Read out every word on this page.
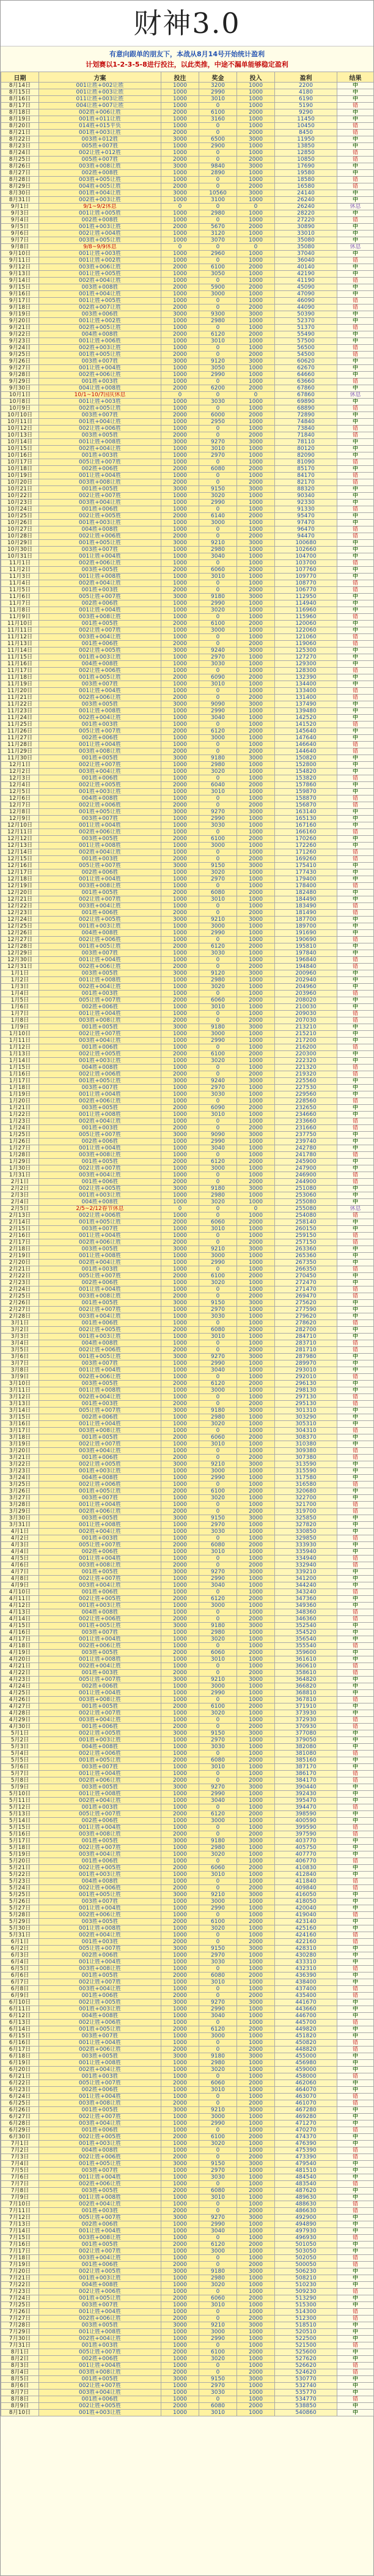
财神3.0
有意向跟单的朋友下，本战从8月14号开始统计盈利
计划赛以1-2-3-5-8进行投注，以此类推，中途不漏单能够稳定盈利
日期	方案	投注	奖金	投入	盈利	结果
8月14日	001让胜+002让胜	1000	3200	1000	2200	中
8月15日	001让胜+003让胜	1000	2990	1000	4180	中
8月16日	011让胜+003让胜	1000	3010	1000	6190	中
8月17日	004让胜+007让胜	1000	0	1000	5190	错
8月18日	002胜+006让胜	2000	6100	2000	9290	中
8月19日	001胜+011让胜	1000	3160	1000	11450	中
8月20日	014胜+015平负	1000	0	1000	10450	错
8月21日	001胜+003让胜	2000	0	2000	8450	错
8月22日	003胜+012胜	3000	6500	3000	11950	中
8月23日	005胜+007胜	1000	2900	1000	13850	中
8月24日	002让胜+012胜	1000	0	1000	12850	错
8月25日	005胜+007胜	2000	0	2000	10850	错
8月26日	003胜+008让胜	3000	9840	3000	17690	中
8月27日	002胜+008胜	1000	2890	1000	19580	中
8月28日	003胜+005让胜	1000	0	1000	18580	错
8月29日	004胜+005让胜	2000	0	2000	16580	错
8月30日	001胜+004让胜	3000	10560	3000	24140	中
8月31日	002胜+003让胜	1000	3100	1000	26240	中
9月1日	9/1~9/2休息	0	0	0	26240	休息
9月3日	001让胜+005胜	1000	2980	1000	28220	中
9月4日	002胜+008胜	1000	0	1000	27220	错
9月5日	001胜+003让胜	2000	5670	2000	30890	中
9月6日	002让胜+004胜	1000	3120	1000	33010	中
9月7日	003胜+005让胜	1000	3070	1000	35080	中
9月8日	9/8~9/9休息	0	0	0	35080	休息
9月10日	001让胜+003胜	1000	2960	1000	37040	中
9月11日	001让胜+002胜	1000	0	1000	36040	错
9月12日	003胜+006让胜	2000	6100	2000	40140	中
9月13日	001让胜+005胜	1000	3050	1000	42190	中
9月14日	002胜+004让胜	1000	0	1000	41190	错
9月15日	003胜+008胜	2000	5900	2000	45090	中
9月16日	001胜+004让胜	1000	3000	1000	47090	中
9月17日	001让胜+005胜	1000	0	1000	46090	错
9月18日	002胜+007让胜	2000	0	2000	44090	错
9月19日	003胜+006胜	3000	9300	3000	50390	中
9月20日	001让胜+002胜	1000	2980	1000	52370	中
9月21日	002胜+005让胜	1000	0	1000	51370	错
9月22日	004胜+008胜	2000	6120	2000	55490	中
9月23日	001让胜+006胜	1000	3010	1000	57500	中
9月24日	002胜+003让胜	1000	0	1000	56500	错
9月25日	001胜+005让胜	2000	0	2000	54500	错
9月26日	003胜+007胜	3000	9120	3000	60620	中
9月27日	001让胜+004胜	1000	3050	1000	62670	中
9月28日	002胜+006让胜	1000	2990	1000	64660	中
9月29日	001胜+003胜	1000	0	1000	63660	错
9月30日	004让胜+008胜	2000	6200	2000	67860	中
10月1日	10/1~10/7国庆休息	0	0	0	67860	休息
10月8日	001让胜+003胜	1000	3030	1000	69890	中
10月9日	002胜+005让胜	1000	0	1000	68890	错
10月10日	003胜+007胜	2000	6000	2000	72890	中
10月11日	001胜+004让胜	1000	2950	1000	74840	中
10月12日	002让胜+006胜	1000	0	1000	73840	错
10月13日	003胜+005胜	2000	0	2000	71840	错
10月14日	001让胜+008胜	3000	9270	3000	78110	中
10月15日	002胜+004让胜	1000	3010	1000	80120	中
10月16日	001胜+003胜	1000	2970	1000	82090	中
10月17日	005让胜+007胜	1000	0	1000	81090	错
10月18日	002胜+006胜	2000	6080	2000	85170	中
10月19日	001让胜+004胜	1000	0	1000	84170	错
10月20日	003胜+008让胜	2000	0	2000	82170	错
10月21日	001胜+005胜	3000	9150	3000	88320	中
10月22日	002让胜+007胜	1000	3020	1000	90340	中
10月23日	003胜+004让胜	1000	2990	1000	92330	中
10月24日	001胜+006胜	1000	0	1000	91330	错
10月25日	002让胜+005胜	2000	6140	2000	95470	中
10月26日	001胜+003让胜	1000	3000	1000	97470	中
10月27日	004胜+008胜	1000	0	1000	96470	错
10月28日	002让胜+006胜	2000	0	2000	94470	错
10月29日	001胜+005让胜	3000	9210	3000	100680	中
10月30日	003胜+007胜	1000	2980	1000	102660	中
10月31日	001让胜+004胜	1000	3040	1000	104700	中
11月1日	002胜+006让胜	1000	0	1000	103700	错
11月2日	003胜+005胜	2000	6060	2000	107760	中
11月3日	001让胜+008胜	1000	3010	1000	109770	中
11月4日	002胜+004让胜	1000	0	1000	108770	错
11月5日	001胜+003胜	2000	0	2000	106770	错
11月6日	005让胜+007胜	3000	9180	3000	112950	中
11月7日	002胜+006胜	1000	2990	1000	114940	中
11月8日	001让胜+004胜	1000	3020	1000	116960	中
11月9日	003胜+008让胜	1000	0	1000	115960	错
11月10日	001胜+005胜	2000	6100	2000	120060	中
11月11日	002让胜+007胜	1000	3000	1000	122060	中
11月12日	003胜+004让胜	1000	0	1000	121060	错
11月13日	001胜+006胜	2000	0	2000	119060	错
11月14日	002让胜+005胜	3000	9240	3000	125300	中
11月15日	001胜+003让胜	1000	2970	1000	127270	中
11月16日	004胜+008胜	1000	3030	1000	129300	中
11月17日	002让胜+006胜	1000	0	1000	128300	错
11月18日	001胜+005让胜	2000	6090	2000	132390	中
11月19日	003胜+007胜	1000	3010	1000	134400	中
11月20日	001让胜+004胜	1000	0	1000	133400	错
11月21日	002胜+006让胜	2000	0	2000	131400	错
11月22日	003胜+005胜	3000	9090	3000	137490	中
11月23日	001让胜+008胜	1000	2990	1000	139480	中
11月24日	002胜+004让胜	1000	3040	1000	142520	中
11月25日	001胜+003胜	1000	0	1000	141520	错
11月26日	005让胜+007胜	2000	6120	2000	145640	中
11月27日	002胜+006胜	1000	3000	1000	147640	中
11月28日	001让胜+004胜	1000	0	1000	146640	错
11月29日	003胜+008让胜	2000	0	2000	144640	错
11月30日	001胜+005胜	3000	9180	3000	150820	中
12月1日	002让胜+007胜	1000	2980	1000	152800	中
12月2日	003胜+004让胜	1000	3020	1000	154820	中
12月3日	001胜+006胜	1000	0	1000	153820	错
12月4日	002让胜+005胜	2000	6040	2000	157860	中
12月5日	001胜+003让胜	1000	3010	1000	159870	中
12月6日	004胜+008胜	1000	0	1000	158870	错
12月7日	002让胜+006胜	2000	0	2000	156870	错
12月8日	001胜+005让胜	3000	9270	3000	163140	中
12月9日	003胜+007胜	1000	2990	1000	165130	中
12月10日	001让胜+004胜	1000	3030	1000	167160	中
12月11日	002胜+006让胜	1000	0	1000	166160	错
12月12日	003胜+005胜	2000	6100	2000	170260	中
12月13日	001让胜+008胜	1000	3000	1000	172260	中
12月14日	002胜+004让胜	1000	0	1000	171260	错
12月15日	001胜+003胜	2000	0	2000	169260	错
12月16日	005让胜+007胜	3000	9150	3000	175410	中
12月17日	002胜+006胜	1000	3020	1000	177430	中
12月18日	001让胜+004胜	1000	2970	1000	179400	中
12月19日	003胜+008让胜	1000	0	1000	178400	错
12月20日	001胜+005胜	2000	6080	2000	182480	中
12月21日	002让胜+007胜	1000	3010	1000	184490	中
12月22日	003胜+004让胜	1000	0	1000	183490	错
12月23日	001胜+006胜	2000	0	2000	181490	错
12月24日	002让胜+005胜	3000	9210	3000	187700	中
12月25日	001胜+003让胜	1000	3000	1000	189700	中
12月26日	004胜+008胜	1000	2990	1000	191690	中
12月27日	002让胜+006胜	1000	0	1000	190690	错
12月28日	001胜+005让胜	2000	6120	2000	195810	中
12月29日	003胜+007胜	1000	3030	1000	197840	中
12月30日	001让胜+004胜	1000	0	1000	196840	错
12月31日	002胜+006让胜	2000	0	2000	194840	错
1月1日	003胜+005胜	3000	9120	3000	200960	中
1月2日	001让胜+008胜	1000	2980	1000	202940	中
1月3日	002胜+004让胜	1000	3020	1000	204960	中
1月4日	001胜+003胜	1000	0	1000	203960	错
1月5日	005让胜+007胜	2000	6060	2000	208020	中
1月6日	002胜+006胜	1000	3010	1000	210030	中
1月7日	001让胜+004胜	1000	0	1000	209030	错
1月8日	003胜+008让胜	2000	0	2000	207030	错
1月9日	001胜+005胜	3000	9180	3000	213210	中
1月10日	002让胜+007胜	1000	3000	1000	215210	中
1月11日	003胜+004让胜	1000	2990	1000	217200	中
1月12日	001胜+006胜	1000	0	1000	216200	错
1月13日	002让胜+005胜	2000	6100	2000	220300	中
1月14日	001胜+003让胜	1000	3020	1000	222320	中
1月15日	004胜+008胜	1000	0	1000	221320	错
1月16日	002让胜+006胜	2000	0	2000	219320	错
1月17日	001胜+005让胜	3000	9240	3000	225560	中
1月18日	003胜+007胜	1000	2970	1000	227530	中
1月19日	001让胜+004胜	1000	3030	1000	229560	中
1月20日	002胜+006让胜	1000	0	1000	228560	错
1月21日	003胜+005胜	2000	6090	2000	232650	中
1月22日	001让胜+008胜	1000	3010	1000	234660	中
1月23日	002胜+004让胜	1000	0	1000	233660	错
1月24日	001胜+003胜	2000	0	2000	231660	错
1月25日	005让胜+007胜	3000	9090	3000	237750	中
1月26日	002胜+006胜	1000	2990	1000	239740	中
1月27日	001让胜+004胜	1000	3040	1000	242780	中
1月28日	003胜+008让胜	1000	0	1000	241780	错
1月29日	001胜+005胜	2000	6120	2000	245900	中
1月30日	002让胜+007胜	1000	3000	1000	247900	中
1月31日	003胜+004让胜	1000	0	1000	246900	错
2月1日	001胜+006胜	2000	0	2000	244900	错
2月2日	002让胜+005胜	3000	9180	3000	251080	中
2月3日	001胜+003让胜	1000	2980	1000	253060	中
2月4日	004胜+008胜	1000	3020	1000	255080	中
2月5日	2/5~2/12春节休息	0	0	0	255080	休息
2月13日	002让胜+006胜	1000	0	1000	254080	错
2月14日	001胜+005让胜	2000	6060	2000	258140	中
2月15日	003胜+007胜	1000	3010	1000	260150	中
2月16日	001让胜+004胜	1000	0	1000	259150	错
2月17日	002胜+006让胜	2000	0	2000	257150	错
2月18日	003胜+005胜	3000	9210	3000	263360	中
2月19日	001让胜+008胜	1000	3000	1000	265360	中
2月20日	002胜+004让胜	1000	2990	1000	267350	中
2月21日	001胜+003胜	1000	0	1000	266350	错
2月22日	005让胜+007胜	2000	6100	2000	270450	中
2月23日	002胜+006胜	1000	3020	1000	272470	中
2月24日	001让胜+004胜	1000	0	1000	271470	错
2月25日	003胜+008让胜	2000	0	2000	269470	错
2月26日	001胜+005胜	3000	9150	3000	275620	中
2月27日	002让胜+007胜	1000	2970	1000	277590	中
2月28日	003胜+004让胜	1000	3030	1000	279620	中
3月1日	001胜+006胜	1000	0	1000	278620	错
3月2日	002让胜+005胜	2000	6080	2000	282700	中
3月3日	001胜+003让胜	1000	3010	1000	284710	中
3月4日	004胜+008胜	1000	0	1000	283710	错
3月5日	002让胜+006胜	2000	0	2000	281710	错
3月6日	001胜+005让胜	3000	9270	3000	287980	中
3月7日	003胜+007胜	1000	2990	1000	289970	中
3月8日	001让胜+004胜	1000	3040	1000	293010	中
3月9日	002胜+006让胜	1000	0	1000	292010	错
3月10日	003胜+005胜	2000	6120	2000	296130	中
3月11日	001让胜+008胜	1000	3000	1000	298130	中
3月12日	002胜+004让胜	1000	0	1000	297130	错
3月13日	001胜+003胜	2000	0	2000	295130	错
3月14日	005让胜+007胜	3000	9180	3000	301310	中
3月15日	002胜+006胜	1000	2980	1000	303290	中
3月16日	001让胜+004胜	1000	3020	1000	305310	中
3月17日	003胜+008让胜	1000	0	1000	304310	错
3月18日	001胜+005胜	2000	6060	2000	308370	中
3月19日	002让胜+007胜	1000	3010	1000	310380	中
3月20日	003胜+004让胜	1000	0	1000	309380	错
3月21日	001胜+006胜	2000	0	2000	307380	错
3月22日	002让胜+005胜	3000	9210	3000	313590	中
3月23日	001胜+003让胜	1000	3000	1000	315590	中
3月24日	004胜+008胜	1000	2990	1000	317580	中
3月25日	002让胜+006胜	1000	0	1000	316580	错
3月26日	001胜+005让胜	2000	6100	2000	320680	中
3月27日	003胜+007胜	1000	3020	1000	322700	中
3月28日	001让胜+004胜	1000	0	1000	321700	错
3月29日	002胜+006让胜	2000	0	2000	319700	错
3月30日	003胜+005胜	3000	9150	3000	325850	中
3月31日	001让胜+008胜	1000	2970	1000	327820	中
4月1日	002胜+004让胜	1000	3030	1000	330850	中
4月2日	001胜+003胜	1000	0	1000	329850	错
4月3日	005让胜+007胜	2000	6080	2000	333930	中
4月4日	002胜+006胜	1000	3010	1000	335940	中
4月5日	001让胜+004胜	1000	0	1000	334940	错
4月6日	003胜+008让胜	2000	0	2000	332940	错
4月7日	001胜+005胜	3000	9270	3000	339210	中
4月8日	002让胜+007胜	1000	2990	1000	341200	中
4月9日	003胜+004让胜	1000	3040	1000	344240	中
4月10日	001胜+006胜	1000	0	1000	343240	错
4月11日	002让胜+005胜	2000	6120	2000	347360	中
4月12日	001胜+003让胜	1000	3000	1000	349360	中
4月13日	004胜+008胜	1000	0	1000	348360	错
4月14日	002让胜+006胜	2000	0	2000	346360	错
4月15日	001胜+005让胜	3000	9180	3000	352540	中
4月16日	003胜+007胜	1000	2980	1000	354520	中
4月17日	001让胜+004胜	1000	3020	1000	356540	中
4月18日	002胜+006让胜	1000	0	1000	355540	错
4月19日	003胜+005胜	2000	6060	2000	359600	中
4月20日	001让胜+008胜	1000	3010	1000	361610	中
4月21日	002胜+004让胜	1000	0	1000	360610	错
4月22日	001胜+003胜	2000	0	2000	358610	错
4月23日	005让胜+007胜	3000	9210	3000	364820	中
4月24日	002胜+006胜	1000	3000	1000	366820	中
4月25日	001让胜+004胜	1000	2990	1000	368810	中
4月26日	003胜+008让胜	1000	0	1000	367810	错
4月27日	001胜+005胜	2000	6100	2000	371910	中
4月28日	002让胜+007胜	1000	3020	1000	373930	中
4月29日	003胜+004让胜	1000	0	1000	372930	错
4月30日	001胜+006胜	2000	0	2000	370930	错
5月1日	002让胜+005胜	3000	9150	3000	377080	中
5月2日	001胜+003让胜	1000	2970	1000	379050	中
5月3日	004胜+008胜	1000	3030	1000	382080	中
5月4日	002让胜+006胜	1000	0	1000	381080	错
5月5日	001胜+005让胜	2000	6080	2000	385160	中
5月6日	003胜+007胜	1000	3010	1000	387170	中
5月7日	001让胜+004胜	1000	0	1000	386170	错
5月8日	002胜+006让胜	2000	0	2000	384170	错
5月9日	003胜+005胜	3000	9270	3000	390440	中
5月10日	001让胜+008胜	1000	2990	1000	392430	中
5月11日	002胜+004让胜	1000	3040	1000	395470	中
5月12日	001胜+003胜	1000	0	1000	394470	错
5月13日	005让胜+007胜	2000	6120	2000	398590	中
5月14日	002胜+006胜	1000	3000	1000	400590	中
5月15日	001让胜+004胜	1000	0	1000	399590	错
5月16日	003胜+008让胜	2000	0	2000	397590	错
5月17日	001胜+005胜	3000	9180	3000	403770	中
5月18日	002让胜+007胜	1000	2980	1000	405750	中
5月19日	003胜+004让胜	1000	3020	1000	407770	中
5月20日	001胜+006胜	1000	0	1000	406770	错
5月21日	002让胜+005胜	2000	6060	2000	410830	中
5月22日	001胜+003让胜	1000	3010	1000	412840	中
5月23日	004胜+008胜	1000	0	1000	411840	错
5月24日	002让胜+006胜	2000	0	2000	409840	错
5月25日	001胜+005让胜	3000	9210	3000	416050	中
5月26日	003胜+007胜	1000	3000	1000	418050	中
5月27日	001让胜+004胜	1000	2990	1000	420040	中
5月28日	002胜+006让胜	1000	0	1000	419040	错
5月29日	003胜+005胜	2000	6100	2000	423140	中
5月30日	001让胜+008胜	1000	3020	1000	425160	中
5月31日	002胜+004让胜	1000	0	1000	424160	错
6月1日	001胜+003胜	2000	0	2000	422160	错
6月2日	005让胜+007胜	3000	9150	3000	428310	中
6月3日	002胜+006胜	1000	2970	1000	430280	中
6月4日	001让胜+004胜	1000	3030	1000	433310	中
6月5日	003胜+008让胜	1000	0	1000	432310	错
6月6日	001胜+005胜	2000	6080	2000	436390	中
6月7日	002让胜+007胜	1000	3010	1000	438400	中
6月8日	003胜+004让胜	1000	0	1000	437400	错
6月9日	001胜+006胜	2000	0	2000	435400	错
6月10日	002让胜+005胜	3000	9270	3000	441670	中
6月11日	001胜+003让胜	1000	2990	1000	443660	中
6月12日	004胜+008胜	1000	3040	1000	446700	中
6月13日	002让胜+006胜	1000	0	1000	445700	错
6月14日	001胜+005让胜	2000	6120	2000	449820	中
6月15日	003胜+007胜	1000	3000	1000	451820	中
6月16日	001让胜+004胜	1000	0	1000	450820	错
6月17日	002胜+006让胜	2000	0	2000	448820	错
6月18日	003胜+005胜	3000	9180	3000	455000	中
6月19日	001让胜+008胜	1000	2980	1000	456980	中
6月20日	002胜+004让胜	1000	3020	1000	459000	中
6月21日	001胜+003胜	1000	0	1000	458000	错
6月22日	005让胜+007胜	2000	6060	2000	462060	中
6月23日	002胜+006胜	1000	3010	1000	464070	中
6月24日	001让胜+004胜	1000	0	1000	463070	错
6月25日	003胜+008让胜	2000	0	2000	461070	错
6月26日	001胜+005胜	3000	9210	3000	467280	中
6月27日	002让胜+007胜	1000	3000	1000	469280	中
6月28日	003胜+004让胜	1000	2990	1000	471270	中
6月29日	001胜+006胜	1000	0	1000	470270	错
6月30日	002让胜+005胜	2000	6100	2000	474370	中
7月1日	001胜+003让胜	1000	3020	1000	476390	中
7月2日	004胜+008胜	1000	0	1000	475390	错
7月3日	002让胜+006胜	2000	0	2000	473390	错
7月4日	001胜+005让胜	3000	9150	3000	479540	中
7月5日	003胜+007胜	1000	2970	1000	481510	中
7月6日	001让胜+004胜	1000	3030	1000	484540	中
7月7日	002胜+006让胜	1000	0	1000	483540	错
7月8日	003胜+005胜	2000	6080	2000	487620	中
7月9日	001让胜+008胜	1000	3010	1000	489630	中
7月10日	002胜+004让胜	1000	0	1000	488630	错
7月11日	001胜+003胜	2000	0	2000	486630	错
7月12日	005让胜+007胜	3000	9270	3000	492900	中
7月13日	002胜+006胜	1000	2990	1000	494890	中
7月14日	001让胜+004胜	1000	3040	1000	497930	中
7月15日	003胜+008让胜	1000	0	1000	496930	错
7月16日	001胜+005胜	2000	6120	2000	501050	中
7月17日	002让胜+007胜	1000	3000	1000	503050	中
7月18日	003胜+004让胜	1000	0	1000	502050	错
7月19日	001胜+006胜	2000	0	2000	500050	错
7月20日	002让胜+005胜	3000	9180	3000	506230	中
7月21日	001胜+003让胜	1000	2980	1000	508210	中
7月22日	004胜+008胜	1000	3020	1000	510230	中
7月23日	002让胜+006胜	1000	0	1000	509230	错
7月24日	001胜+005让胜	2000	6060	2000	513290	中
7月25日	003胜+007胜	1000	3010	1000	515300	中
7月26日	001让胜+004胜	1000	0	1000	514300	错
7月27日	002胜+006让胜	2000	0	2000	512300	错
7月28日	003胜+005胜	3000	9210	3000	518510	中
7月29日	001让胜+008胜	1000	3000	1000	520510	中
7月30日	002胜+004让胜	1000	2990	1000	522500	中
7月31日	001胜+003胜	1000	0	1000	521500	错
8月1日	005让胜+007胜	2000	6100	2000	525600	中
8月2日	002胜+006胜	1000	3020	1000	527620	中
8月3日	001让胜+004胜	1000	0	1000	526620	错
8月4日	003胜+008让胜	2000	0	2000	524620	错
8月5日	001胜+005胜	3000	9150	3000	530770	中
8月6日	002让胜+007胜	1000	2970	1000	532740	中
8月7日	003胜+004让胜	1000	3030	1000	535770	中
8月8日	001胜+006胜	1000	0	1000	534770	错
8月9日	002让胜+005胜	2000	6080	2000	538850	中
8月10日	001胜+003让胜	1000	3010	1000	540860	中
